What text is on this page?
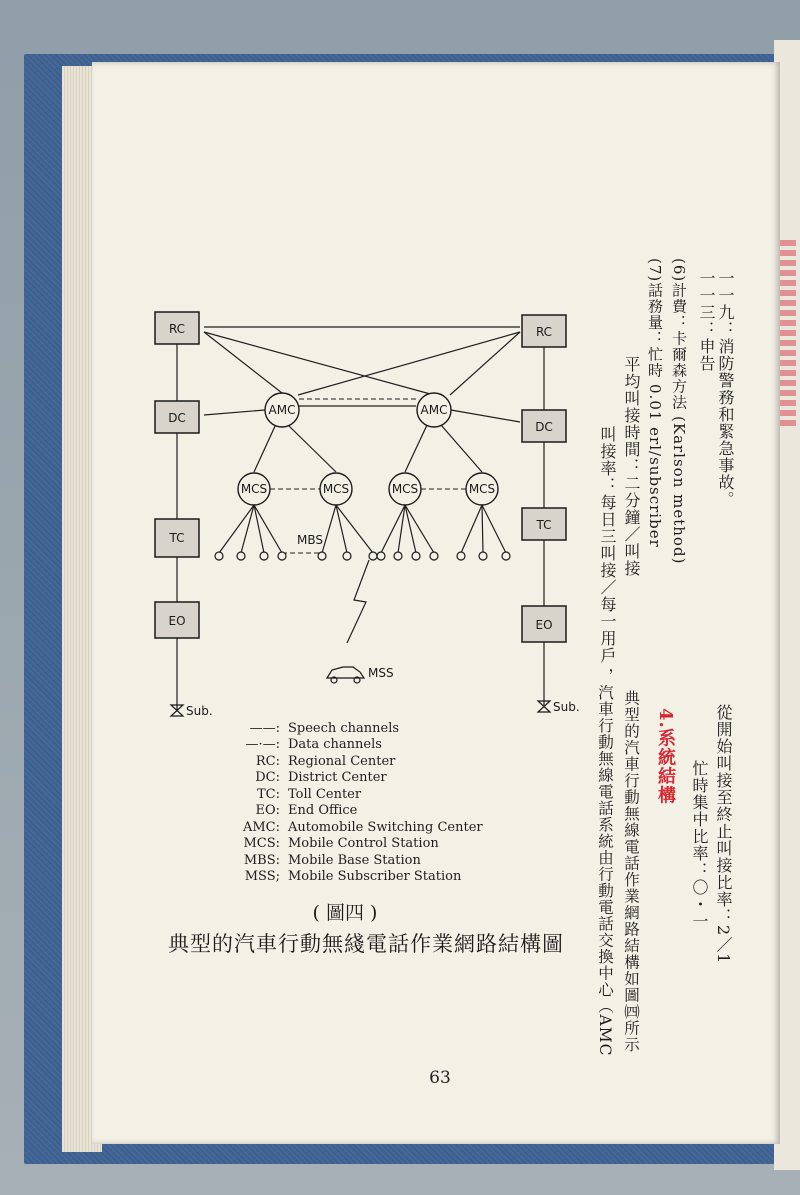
RC
DC
TC
EO
RC
DC
TC
EO
AMC	AMC
MCS	MCS	MCS	MCS
MBS
MSS
Sub.	Sub.
——: Speech channels
—·—: Data channels
RC: Regional Center
DC: District Center
TC: Toll Center
EO: End Office
AMC: Automobile Switching Center
MCS: Mobile Control Station
MBS: Mobile Base Station
MSS; Mobile Subscriber Station
( 圖四 )
典型的汽車行動無綫電話作業網路結構圖
63
一一九：消防警務和緊急事故。
一一三：申告
(6)計費：卡爾森方法 (Karlson method)
(7)話務量：忙時 0.01 erl/subscriber
平均叫接時間：二分鐘／叫接
叫接率：每日三叫接／每一用戶
從開始叫接至終止叫接比率：2／1
忙時集中比率：〇・一
4.系統結構
典型的汽車行動無線電話作業網路結構如圖㈣所示
，汽車行動無線電話系統由行動電話交換中心（AMC
